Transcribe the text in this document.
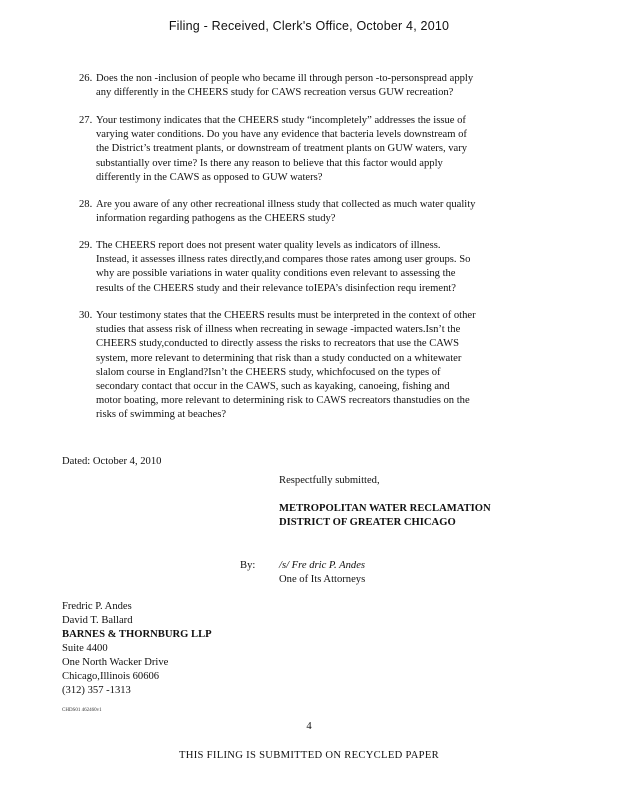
Filing - Received, Clerk's Office, October 4, 2010
26. Does the non -inclusion of people who became ill through person -to-personspread apply
any differently in the CHEERS study for CAWS recreation versus GUW recreation?
27. Your testimony indicates that the CHEERS study “incompletely” addresses the issue of
varying water conditions. Do you have any evidence that bacteria levels downstream of
the District’s treatment plants, or downstream of treatment plants on GUW waters, vary
substantially over time? Is there any reason to believe that this factor would apply
differently in the CAWS as opposed to GUW waters?
28. Are you aware of any other recreational illness study that collected as much water quality
information regarding pathogens as the CHEERS study?
29. The CHEERS report does not present water quality levels as indicators of illness.
Instead, it assesses illness rates directly,and compares those rates among user groups. So
why are possible variations in water quality conditions even relevant to assessing the
results of the CHEERS study and their relevance toIEPA’s disinfection requ irement?
30. Your testimony states that the CHEERS results must be interpreted in the context of other
studies that assess risk of illness when recreating in sewage -impacted waters.Isn’t the
CHEERS study,conducted to directly assess the risks to recreators that use the CAWS
system, more relevant to determining that risk than a study conducted on a whitewater
slalom course in England?Isn’t the CHEERS study, whichfocused on the types of
secondary contact that occur in the CAWS, such as kayaking, canoeing, fishing and
motor boating, more relevant to determining risk to CAWS recreators thanstudies on the
risks of swimming at beaches?
Dated: October 4, 2010
Respectfully submitted,
METROPOLITAN WATER RECLAMATION
DISTRICT OF GREATER CHICAGO
By: /s/ Fre dric P. Andes
One of Its Attorneys
Fredric P. Andes
David T. Ballard
BARNES & THORNBURG LLP
Suite 4400
One North Wacker Drive
Chicago,Illinois 60606
(312) 357 -1313
CHDS01 462460v1
4
THIS FILING IS SUBMITTED ON RECYCLED PAPER
